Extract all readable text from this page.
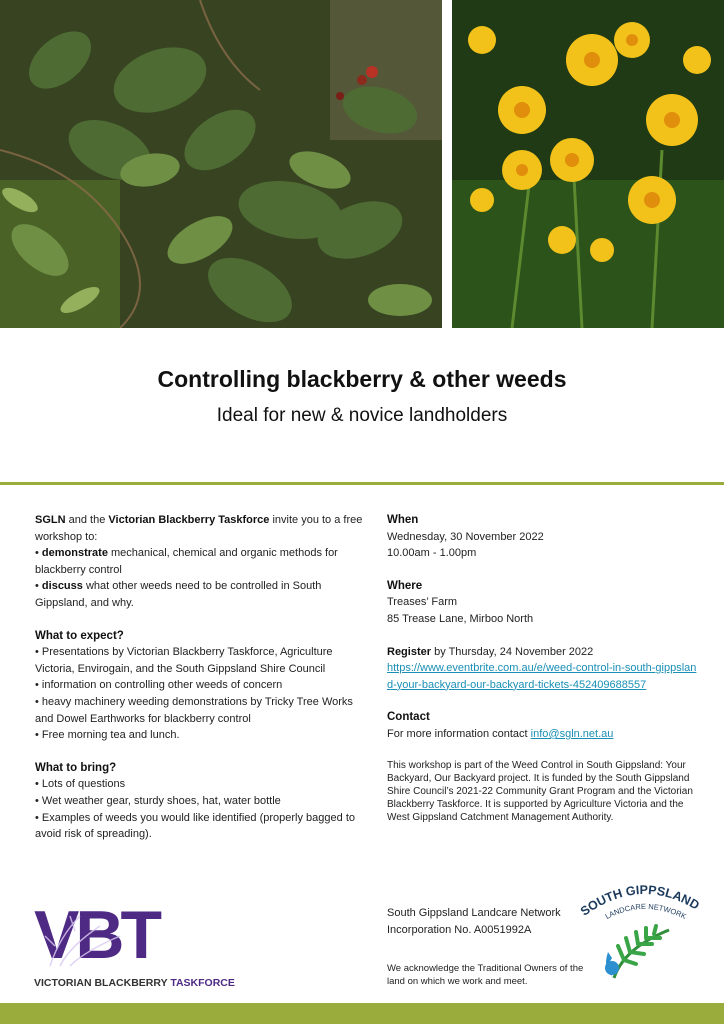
Controlling blackberry & other weeds
Ideal for new & novice landholders

SGLN and the Victorian Blackberry Taskforce invite you to a free workshop to:

• demonstrate mechanical, chemical and organic methods for blackberry control

• discuss what other weeds need to be controlled in South Gippsland, and why.

What to expect?

• Presentations by Victorian Blackberry Taskforce, Agriculture Victoria, Envirogain, and the South Gippsland Shire Council

• information on controlling other weeds of concern

• heavy machinery weeding demonstrations by Tricky Tree Works and Dowel Earthworks for blackberry control

• Free morning tea and lunch.

What to bring?

• Lots of questions

• Wet weather gear, sturdy shoes, hat, water bottle

• Examples of weeds you would like identified (properly bagged to avoid risk of spreading).

When

Wednesday, 30 November 2022

10.00am - 1.00pm

Where

Treases’ Farm

85 Trease Lane, Mirboo North

Register by Thursday, 24 November 2022

https://www.eventbrite.com.au/e/weed-control-in-south-gippsland-your-backyard-our-backyard-tickets-452409688557

Contact

For more information contact info@sgln.net.au

This workshop is part of the Weed Control in South Gippsland: Your Backyard, Our Backyard project. It is funded by the South Gippsland Shire Council’s 2021-22 Community Grant Program and the Victorian Blackberry Taskforce. It is supported by Agriculture Victoria and the West Gippsland Catchment Management Authority.

South Gippsland Landcare Network

Incorporation No. A0051992A

We acknowledge the Traditional Owners of the land on which we work and meet.
VBT
VICTORIAN BLACKBERRY TASKFORCE
SOUTH GIPPSLAND
LANDCARE NETWORK
